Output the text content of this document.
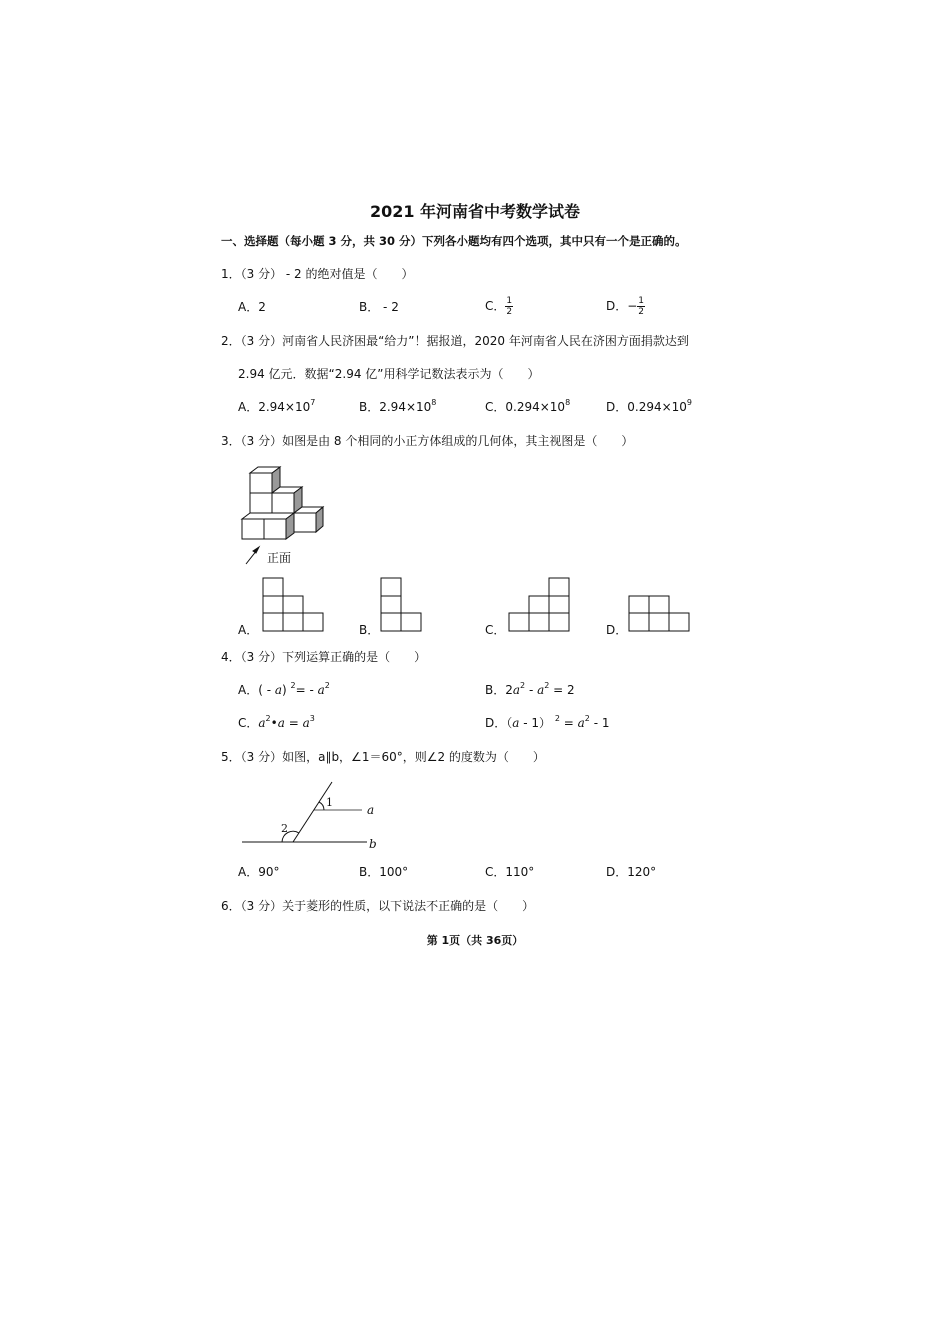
2021 年河南省中考数学试卷
一、选择题（每小题 3 分，共 30 分）下列各小题均有四个选项，其中只有一个是正确的。
1．（3 分） - 2 的绝对值是（　　）
A．2	B． - 2	C． $\frac{1}{2}$	D．− $\frac{1}{2}$
2．（3 分）河南省人民济困最“给力”！据报道，2020 年河南省人民在济困方面捐款达到
2.94 亿元．数据“2.94 亿”用科学记数法表示为（　　）
A．$2.94\times 10^7$	B．$2.94\times 10^8$	C．$0.294\times 10^8$	D．$0.294\times 10^9$
3．（3 分）如图是由 8 个相同的小正方体组成的几何体，其主视图是（　　）
正面
A．	B．	C．	D．
4．（3 分）下列运算正确的是（　　）
A．( - a) $^2= - a^2$	B．$2a^2 - a^2 = 2$
C．$a^2•a = a^3$	D．（a - 1） $^2 = a^2 - 1$
5．（3 分）如图，a∥b，∠1＝60°，则∠2 的度数为（　　）
1
2
a
b
A．90°	B．100°	C．110°	D．120°
6．（3 分）关于菱形的性质，以下说法不正确的是（　　）
第 1页（共 36页）
